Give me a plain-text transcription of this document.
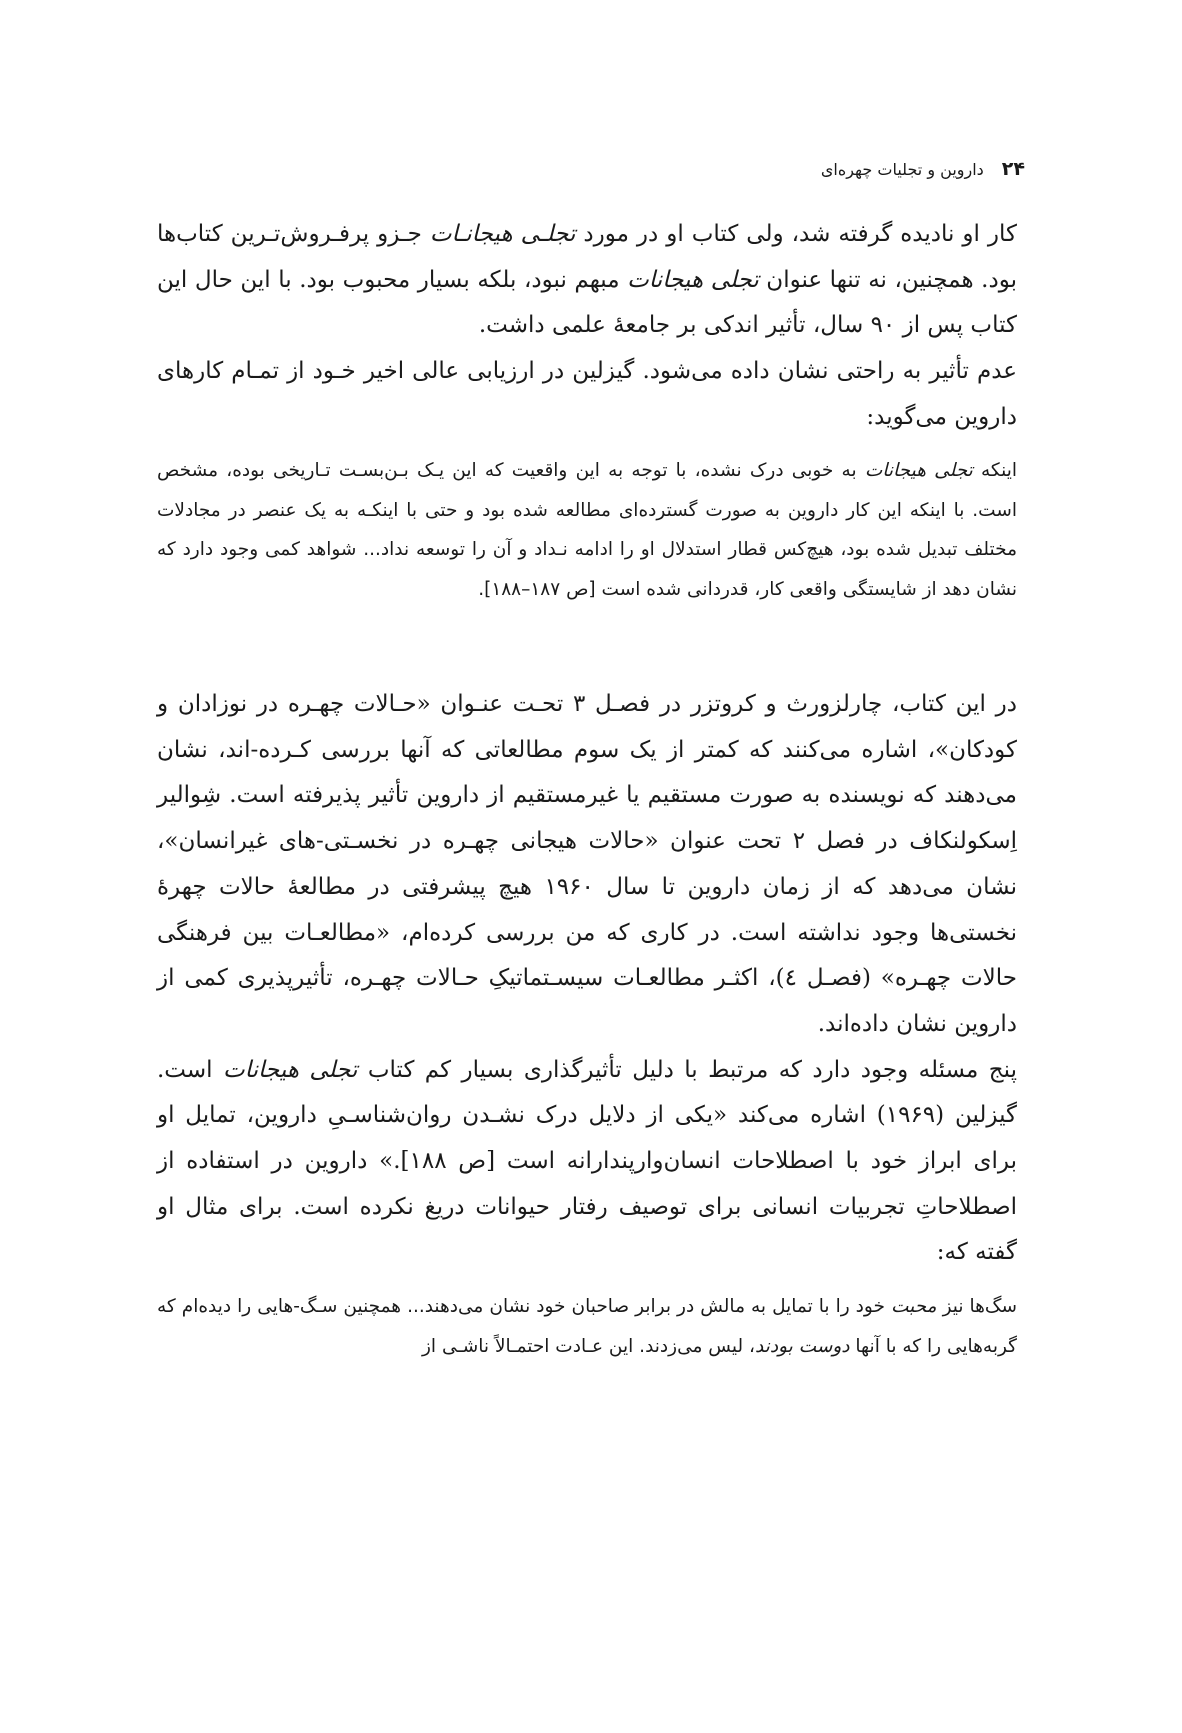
۲۴
داروین و تجلیات چهره‌ای

کار او نادیده گرفته شد، ولی کتاب او در مورد تجلـی هیجانـات جـزو پرفـروش‌تـرین کتاب‌ها بود. همچنین، نه تنها عنوان تجلی هیجانات مبهم نبود، بلکه بسیار محبوب بود. با این حال این کتاب پس از ۹۰ سال، تأثیر اندکی بر جامعهٔ علمی داشت.

عدم تأثیر به راحتی نشان داده می‌شود. گیزلین در ارزیابی عالی اخیر خـود از تمـام کارهای داروین می‌گوید:

اینکه تجلی هیجانات به خوبی درک نشده، با توجه به این واقعیت که این یـک بـن‌بسـت تـاریخی بوده، مشخص است. با اینکه این کار داروین به صورت گسترده‌ای مطالعه شده بود و حتی با اینکـه به یک عنصر در مجادلات مختلف تبدیل شده بود، هیچ‌کس قطار استدلال او را ادامه نـداد و آن را توسعه نداد... شواهد کمی وجود دارد که نشان دهد از شایستگی واقعی کار، قدردانی شده است [ص ۱۸۷–۱۸۸].

در این کتاب، چارلزورث و کروتزر در فصـل ۳ تحـت عنـوان «حـالات چهـره در نوزادان و کودکان»، اشاره می‌کنند که کمتر از یک سوم مطالعاتی که آنها بررسی کـرده-اند، نشان می‌دهند که نویسنده به صورت مستقیم یا غیرمستقیم از داروین تأثیر پذیرفته است. شِوالیر اِسکولنکاف در فصل ۲ تحت عنوان «حالات هیجانی چهـره در نخسـتی-های غیرانسان»، نشان می‌دهد که از زمان داروین تا سال ۱۹۶۰ هیچ پیشرفتی در مطالعهٔ حالات چهرهٔ نخستی‌ها وجود نداشته است. در کاری که من بررسی کرده‌ام، «مطالعـات بین فرهنگی حالات چهـره» (فصـل ٤)، اکثـر مطالعـات سیسـتماتیکِ حـالات چهـره، تأثیرپذیری کمی از داروین نشان داده‌اند.

پنج مسئله وجود دارد که مرتبط با دلیل تأثیرگذاری بسیار کم کتاب تجلی هیجانات است. گیزلین (۱۹۶۹) اشاره می‌کند «یکی از دلایل درک نشـدن روان‌شناسـیِ داروین، تمایل او برای ابراز خود با اصطلاحات انسان‌وارپندارانه است [ص ۱۸۸].» داروین در استفاده از اصطلاحاتِ تجربیات انسانی برای توصیف رفتار حیوانات دریغ نکرده است. برای مثال او گفته که:

سگ‌ها نیز محبت خود را با تمایل به مالش در برابر صاحبان خود نشان می‌دهند... همچنین سـگ-هایی را دیده‌ام که گربه‌هایی را که با آنها دوست بودند، لیس می‌زدند. این عـادت احتمـالاً ناشـی از
